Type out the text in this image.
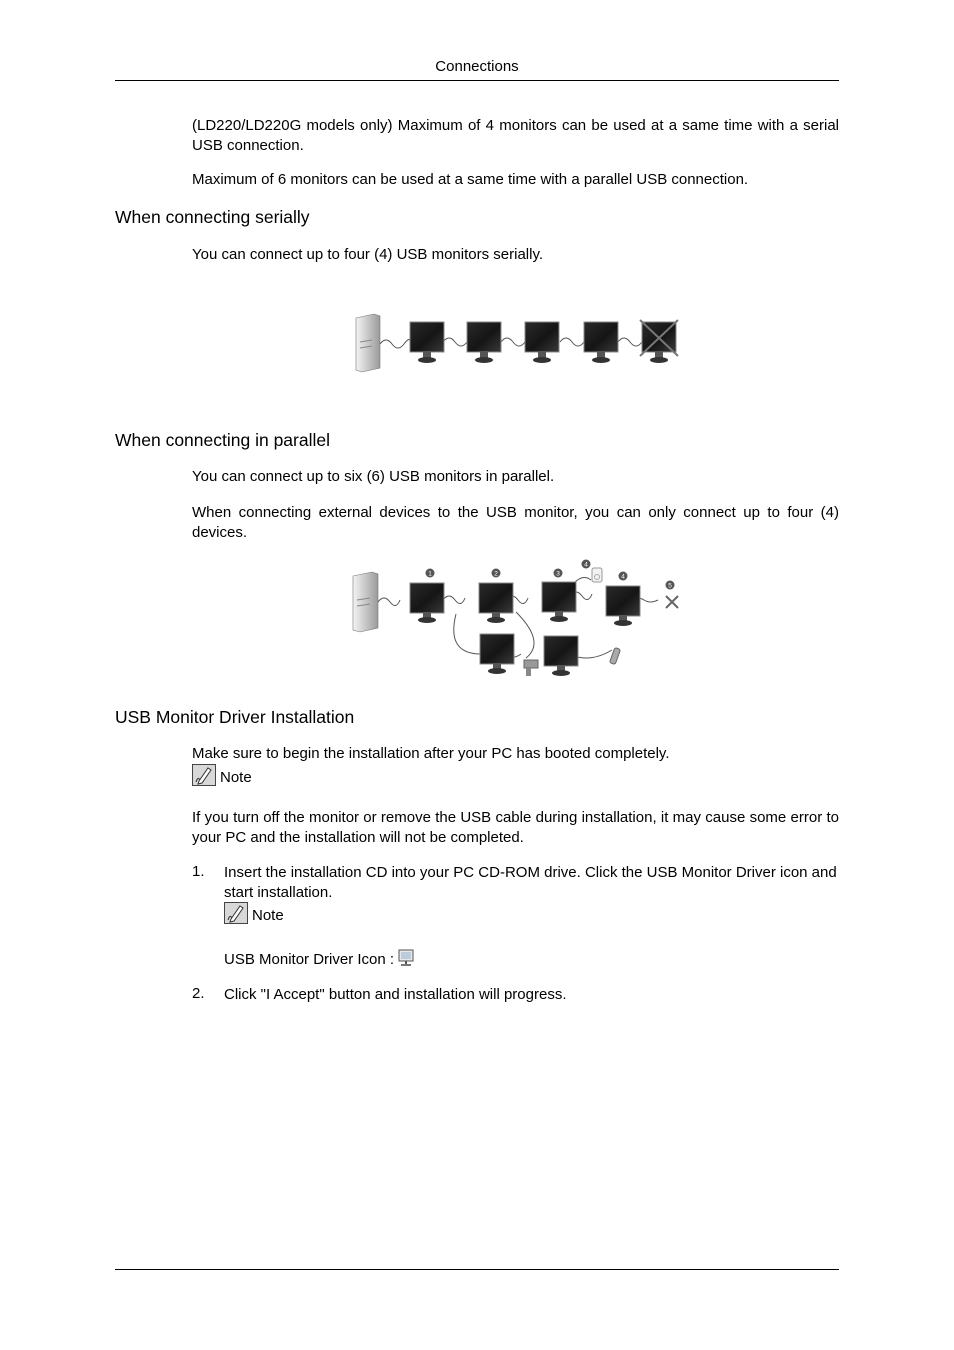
Connections
(LD220/LD220G models only) Maximum of 4 monitors can be used at a same time with a serial USB connection.
Maximum of 6 monitors can be used at a same time with a parallel USB connection.
When connecting serially
You can connect up to four (4) USB monitors serially.
When connecting in parallel
You can connect up to six (6) USB monitors in parallel.
When connecting external devices to the USB monitor, you can only connect up to four (4) devices.
1	2	3
4
4
5
USB Monitor Driver Installation
Make sure to begin the installation after your PC has booted completely.
Note
If you turn off the monitor or remove the USB cable during installation, it may cause some error to your PC and the installation will not be completed.
1. Insert the installation CD into your PC CD-ROM drive. Click the USB Monitor Driver icon and start installation.
Note
USB Monitor Driver Icon :
2. Click "I Accept" button and installation will progress.
